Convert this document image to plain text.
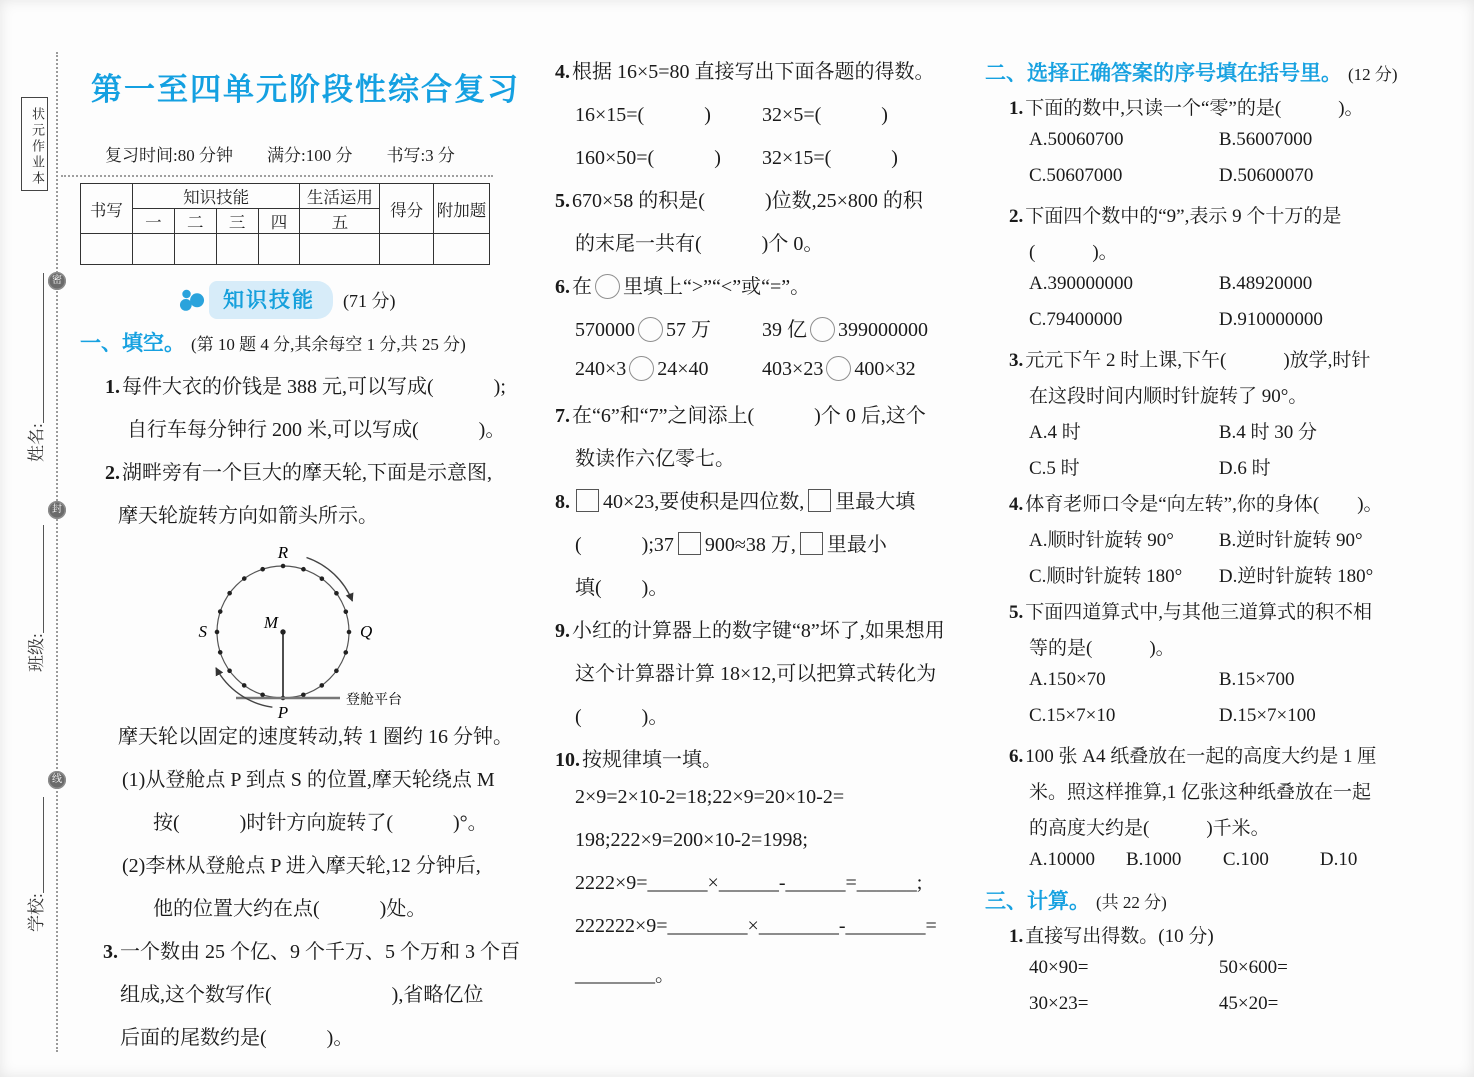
状元作业本
姓名:
班级:
学校:
密
封
线
第一至四单元阶段性综合复习
复习时间:80 分钟　　满分:100 分　　书写:3 分
书写	知识技能				生活运用	得分	附加题
	一	二	三	四	五		

知识技能	(71 分)
一、填空。 (第 10 题 4 分,其余每空 1 分,共 25 分)
1. 每件大衣的价钱是 388 元,可以写成(　　　);
自行车每分钟行 200 米,可以写成(　　　)。
2. 湖畔旁有一个巨大的摩天轮,下面是示意图,
摩天轮旋转方向如箭头所示。
R
S	M	Q
P
登舱平台
摩天轮以固定的速度转动,转 1 圈约 16 分钟。
(1)从登舱点 P 到点 S 的位置,摩天轮绕点 M
按(　　　)时针方向旋转了(　　　)°。
(2)李林从登舱点 P 进入摩天轮,12 分钟后,
他的位置大约在点(　　　)处。
3. 一个数由 25 个亿、9 个千万、5 个万和 3 个百
组成,这个数写作(　　　　　　),省略亿位
后面的尾数约是(　　　)。
4. 根据 16×5=80 直接写出下面各题的得数。
16×15=(　　　)	32×5=(　　　)
160×50=(　　　) 32×15=(　　　)
5. 670×58 的积是(　　　)位数,25×800 的积
的末尾一共有(　　　)个 0。
6. 在 里填上“>”“<”或“=”。
570000 57 万	39 亿 399000000
240×3 24×40	403×23 400×32
7. 在“6”和“7”之间添上(　　　)个 0 后,这个
数读作六亿零七。
8. 40×23,要使积是四位数, 里最大填
(　　　);37 900≈38 万, 里最小
填(　　)。
9. 小红的计算器上的数字键“8”坏了,如果想用
这个计算器计算 18×12,可以把算式转化为
(　　　)。
10. 按规律填一填。
2×9=2×10-2=18;22×9=20×10-2=
198;222×9=200×10-2=1998;
2222×9=______×______-______=______;
222222×9=________×________-________=
________。
二、选择正确答案的序号填在括号里。 (12 分)
1. 下面的数中,只读一个“零”的是(　　　)。
A.50060700	B.56007000
C.50607000	D.50600070
2. 下面四个数中的“9”,表示 9 个十万的是
(　　　)。
A.390000000	B.48920000
C.79400000	D.910000000
3. 元元下午 2 时上课,下午(　　　)放学,时针
在这段时间内顺时针旋转了 90°。
A.4 时	B.4 时 30 分
C.5 时	D.6 时
4. 体育老师口令是“向左转”,你的身体(　　)。
A.顺时针旋转 90° B.逆时针旋转 90°
C.顺时针旋转 180° D.逆时针旋转 180°
5. 下面四道算式中,与其他三道算式的积不相
等的是(　　　)。
A.150×70	B.15×700
C.15×7×10	D.15×7×100
6. 100 张 A4 纸叠放在一起的高度大约是 1 厘
米。照这样推算,1 亿张这种纸叠放在一起
的高度大约是(　　　)千米。
A.10000 B.1000 C.100	D.10
三、计算。 (共 22 分)
1. 直接写出得数。(10 分)
40×90=	50×600=
30×23=	45×20=
